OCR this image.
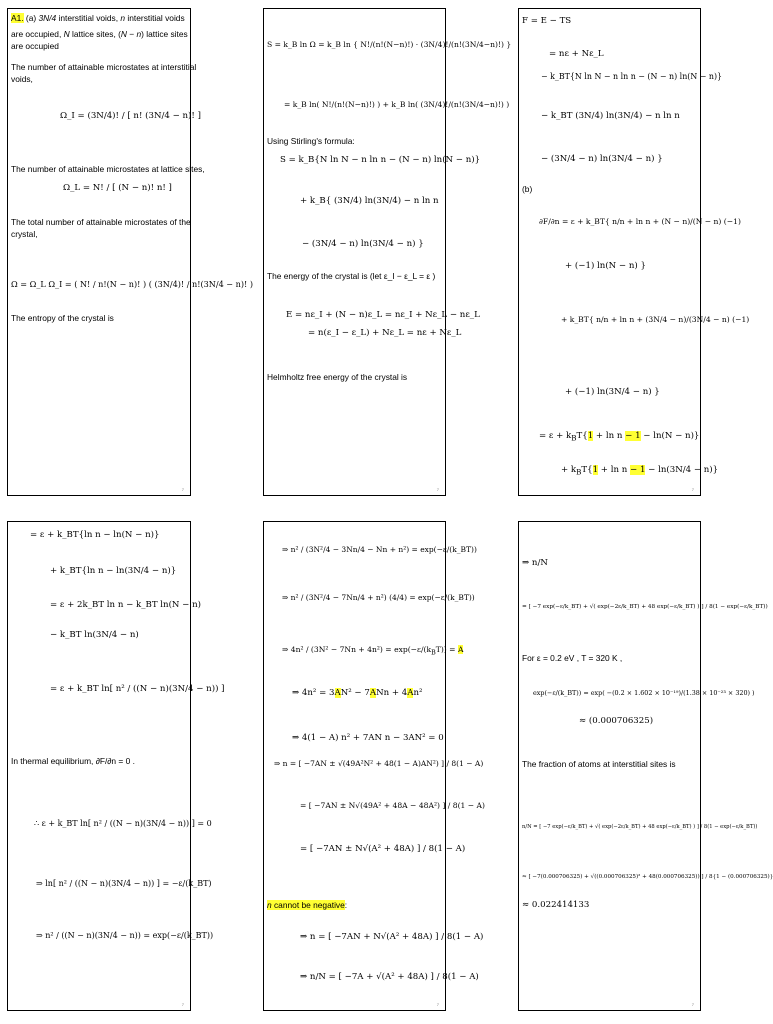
A1. (a) 3N/4 interstitial voids, n interstitial voids
are occupied, N lattice sites, (N − n) lattice sites
are occupied
The number of attainable microstates at interstitial
voids,
Ω_I = (3N/4)! / [ n! (3N/4 − n)! ]
The number of attainable microstates at lattice sites,
Ω_L = N! / [ (N − n)! n! ]
The total number of attainable microstates of the
crystal,
Ω = Ω_L Ω_I = ( N! / n!(N − n)! ) ( (3N/4)! / n!(3N/4 − n)! )
The entropy of the crystal is
7
S = k_B ln Ω = k_B ln { N!/(n!(N−n)!) · (3N/4)!/(n!(3N/4−n)!) }
= k_B ln( N!/(n!(N−n)!) ) + k_B ln( (3N/4)!/(n!(3N/4−n)!) )
Using Stirling's formula:
S = k_B{N ln N − n ln n − (N − n) ln(N − n)}
+ k_B{ (3N/4) ln(3N/4) − n ln n
− (3N/4 − n) ln(3N/4 − n) }
The energy of the crystal is (let ε_I − ε_L = ε )
E = nε_I + (N − n)ε_L = nε_I + Nε_L − nε_L
= n(ε_I − ε_L) + Nε_L = nε + Nε_L
Helmholtz free energy of the crystal is
7
F = E − TS
= nε + Nε_L
− k_BT{N ln N − n ln n − (N − n) ln(N − n)}
− k_BT (3N/4) ln(3N/4) − n ln n
− (3N/4 − n) ln(3N/4 − n) }
(b)
∂F/∂n = ε + k_BT{ n/n + ln n + (N − n)/(N − n) (−1)
+ (−1) ln(N − n) }
+ k_BT{ n/n + ln n + (3N/4 − n)/(3N/4 − n) (−1)
+ (−1) ln(3N/4 − n) }
= $\varepsilon + k_BT\{1 + \ln n - 1 - \ln(N - n)\}$
+ $k_BT\{1 + \ln n - 1 - \ln(3N/4 - n)\}$
7
= ε + k_BT{ln n − ln(N − n)}
+ k_BT{ln n − ln(3N/4 − n)}
= ε + 2k_BT ln n − k_BT ln(N − n)
− k_BT ln(3N/4 − n)
= ε + k_BT ln[ n² / ((N − n)(3N/4 − n)) ]
In thermal equilibrium, ∂F/∂n = 0 .
∴ ε + k_BT ln[ n² / ((N − n)(3N/4 − n)) ] = 0
⇒ ln[ n² / ((N − n)(3N/4 − n)) ] = −ε/(k_BT)
⇒ n² / ((N − n)(3N/4 − n)) = exp(−ε/(k_BT))
7
⇒ n² / (3N²/4 − 3Nn/4 − Nn + n²) = exp(−ε/(k_BT))
⇒ n² / (3N²/4 − 7Nn/4 + n²) (4/4) = exp(−ε/(k_BT))
⇒ $4n^2 / (3N^2 - 7Nn + 4n^2) = \exp(-\varepsilon/(k_BT)) = A$
⇒ 4n² = 3AN² − 7ANn + 4An²
⇒ 4(1 − A) n² + 7AN n − 3AN² = 0
⇒ n = [ −7AN ± √(49A²N² + 48(1 − A)AN²) ] / 8(1 − A)
= [ −7AN ± N√(49A² + 48A − 48A²) ] / 8(1 − A)
= [ −7AN ± N√(A² + 48A) ] / 8(1 − A)
n cannot be negative:
⇒ n = [ −7AN + N√(A² + 48A) ] / 8(1 − A)
⇒ n/N = [ −7A + √(A² + 48A) ] / 8(1 − A)
7
⇒ n/N
= [ −7 exp(−ε/k_BT) + √( exp(−2ε/k_BT) + 48 exp(−ε/k_BT) ) ] / 8(1 − exp(−ε/k_BT))
For ε = 0.2 eV , T = 320 K ,
exp(−ε/(k_BT)) = exp( −(0.2 × 1.602 × 10⁻¹⁹)/(1.38 × 10⁻²³ × 320) )
≈ (0.000706325)
The fraction of atoms at interstitial sites is
n/N = [ −7 exp(−ε/k_BT) + √( exp(−2ε/k_BT) + 48 exp(−ε/k_BT) ) ] / 8(1 − exp(−ε/k_BT))
≈ [ −7(0.000706325) + √((0.000706325)² + 48(0.000706325)) ] / 8{1 − (0.000706325)}
≈ 0.022414133
7
